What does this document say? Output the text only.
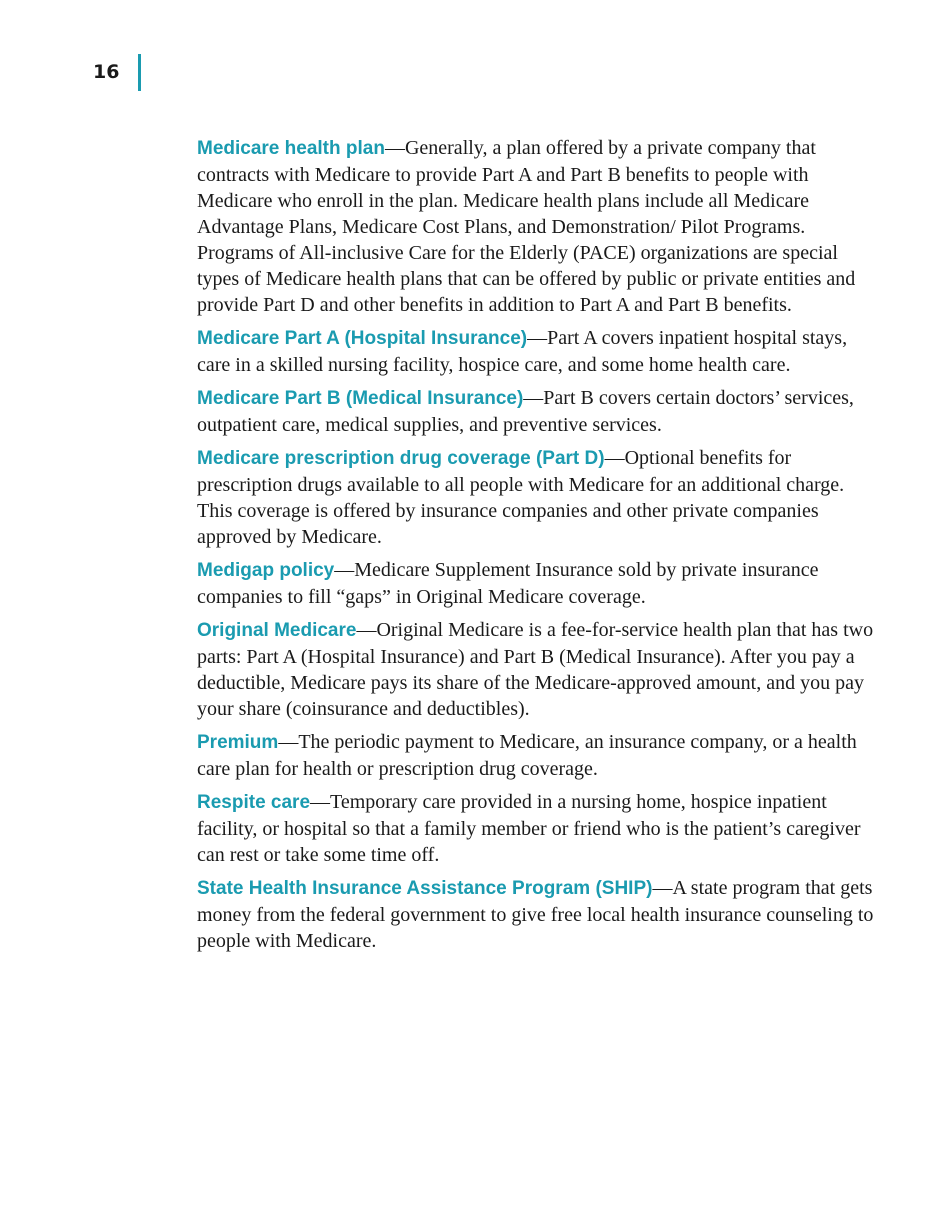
16

Medicare health plan—Generally, a plan offered by a private company that contracts with Medicare to provide Part A and Part B benefits to people with Medicare who enroll in the plan. Medicare health plans include all Medicare Advantage Plans, Medicare Cost Plans, and Demonstration/ Pilot Programs. Programs of All-inclusive Care for the Elderly (PACE) organizations are special types of Medicare health plans that can be offered by public or private entities and provide Part D and other benefits in addition to Part A and Part B benefits.

Medicare Part A (Hospital Insurance)—Part A covers inpatient hospital stays, care in a skilled nursing facility, hospice care, and some home health care.

Medicare Part B (Medical Insurance)—Part B covers certain doctors’ services, outpatient care, medical supplies, and preventive services.

Medicare prescription drug coverage (Part D)—Optional benefits for prescription drugs available to all people with Medicare for an additional charge. This coverage is offered by insurance companies and other private companies approved by Medicare.

Medigap policy—Medicare Supplement Insurance sold by private insurance companies to fill “gaps” in Original Medicare coverage.

Original Medicare—Original Medicare is a fee-for-service health plan that has two parts: Part A (Hospital Insurance) and Part B (Medical Insurance). After you pay a deductible, Medicare pays its share of the Medicare-approved amount, and you pay your share (coinsurance and deductibles).

Premium—The periodic payment to Medicare, an insurance company, or a health care plan for health or prescription drug coverage.

Respite care—Temporary care provided in a nursing home, hospice inpatient facility, or hospital so that a family member or friend who is the patient’s caregiver can rest or take some time off.

State Health Insurance Assistance Program (SHIP)—A state program that gets money from the federal government to give free local health insurance counseling to people with Medicare.
